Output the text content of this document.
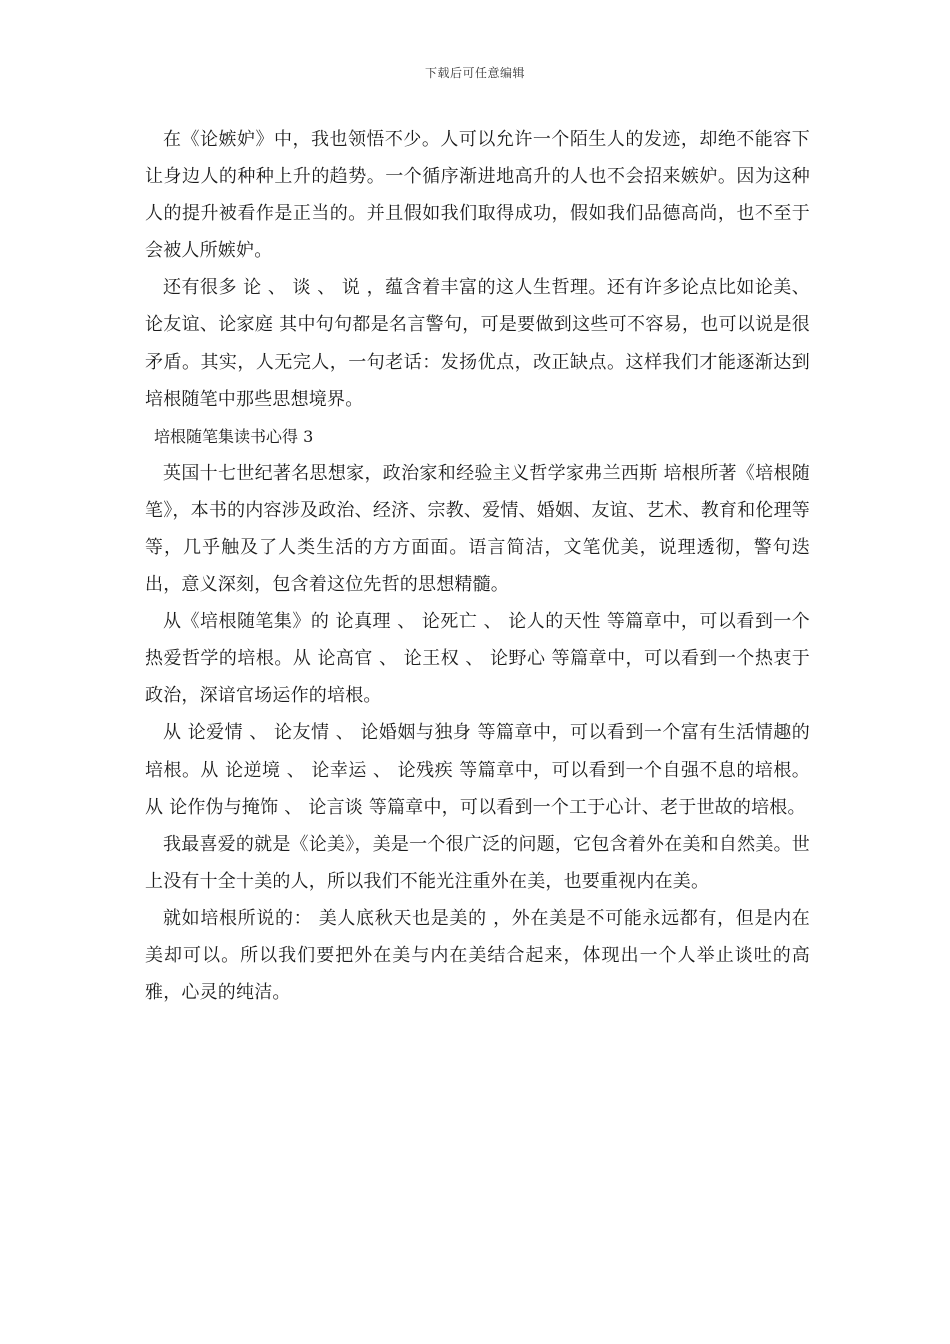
下载后可任意编辑

在《论嫉妒》中，我也领悟不少。人可以允许一个陌生人的发迹，却绝不能容下让身边人的种种上升的趋势。一个循序渐进地高升的人也不会招来嫉妒。因为这种人的提升被看作是正当的。并且假如我们取得成功，假如我们品德高尚，也不至于会被人所嫉妒。

还有很多 论 、 谈 、 说 ，蕴含着丰富的这人生哲理。还有许多论点比如论美、论友谊、论家庭 其中句句都是名言警句，可是要做到这些可不容易，也可以说是很矛盾。其实，人无完人，一句老话：发扬优点，改正缺点。这样我们才能逐渐达到培根随笔中那些思想境界。

培根随笔集读书心得 3

英国十七世纪著名思想家，政治家和经验主义哲学家弗兰西斯 培根所著《培根随笔》，本书的内容涉及政治、经济、宗教、爱情、婚姻、友谊、艺术、教育和伦理等等，几乎触及了人类生活的方方面面。语言简洁，文笔优美，说理透彻，警句迭出，意义深刻，包含着这位先哲的思想精髓。

从《培根随笔集》的 论真理 、 论死亡 、 论人的天性 等篇章中，可以看到一个热爱哲学的培根。从 论高官 、 论王权 、 论野心 等篇章中，可以看到一个热衷于政治，深谙官场运作的培根。

从 论爱情 、 论友情 、 论婚姻与独身 等篇章中，可以看到一个富有生活情趣的培根。从 论逆境 、 论幸运 、 论残疾 等篇章中，可以看到一个自强不息的培根。从 论作伪与掩饰 、 论言谈 等篇章中，可以看到一个工于心计、老于世故的培根。

我最喜爱的就是《论美》，美是一个很广泛的问题，它包含着外在美和自然美。世上没有十全十美的人，所以我们不能光注重外在美，也要重视内在美。

就如培根所说的： 美人底秋天也是美的 ，外在美是不可能永远都有，但是内在美却可以。所以我们要把外在美与内在美结合起来，体现出一个人举止谈吐的高雅，心灵的纯洁。
